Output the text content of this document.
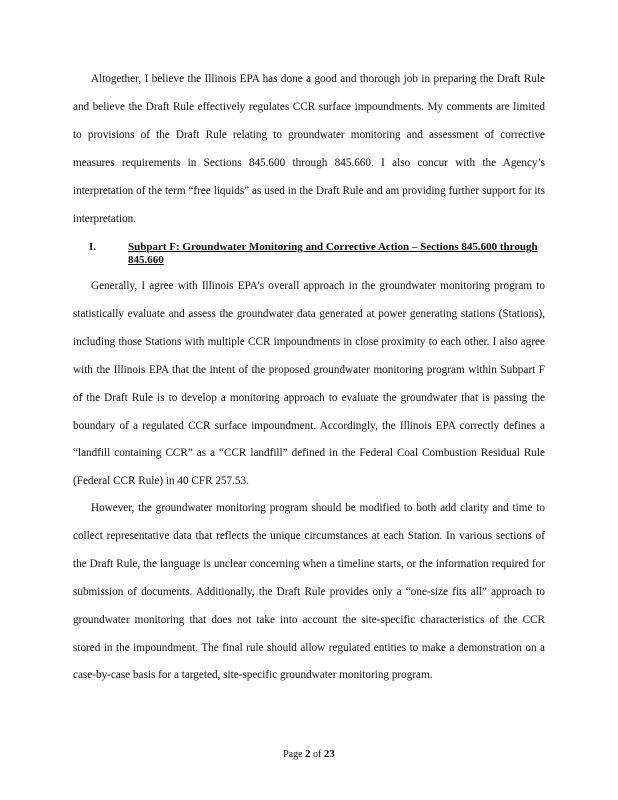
Altogether, I believe the Illinois EPA has done a good and thorough job in preparing the Draft Rule and believe the Draft Rule effectively regulates CCR surface impoundments. My comments are limited to provisions of the Draft Rule relating to groundwater monitoring and assessment of corrective measures requirements in Sections 845.600 through 845.660. I also concur with the Agency’s interpretation of the term “free liquids” as used in the Draft Rule and am providing further support for its interpretation.

I.	Subpart F: Groundwater Monitoring and Corrective Action – Sections 845.600 through 845.660

Generally, I agree with Illinois EPA’s overall approach in the groundwater monitoring program to statistically evaluate and assess the groundwater data generated at power generating stations (Stations), including those Stations with multiple CCR impoundments in close proximity to each other. I also agree with the Illinois EPA that the intent of the proposed groundwater monitoring program within Subpart F of the Draft Rule is to develop a monitoring approach to evaluate the groundwater that is passing the boundary of a regulated CCR surface impoundment. Accordingly, the Illinois EPA correctly defines a “landfill containing CCR” as a “CCR landfill” defined in the Federal Coal Combustion Residual Rule (Federal CCR Rule) in 40 CFR 257.53.

However, the groundwater monitoring program should be modified to both add clarity and time to collect representative data that reflects the unique circumstances at each Station. In various sections of the Draft Rule, the language is unclear concerning when a timeline starts, or the information required for submission of documents. Additionally, the Draft Rule provides only a “one-size fits all” approach to groundwater monitoring that does not take into account the site-specific characteristics of the CCR stored in the impoundment. The final rule should allow regulated entities to make a demonstration on a case-by-case basis for a targeted, site-specific groundwater monitoring program.

Page 2 of 23
